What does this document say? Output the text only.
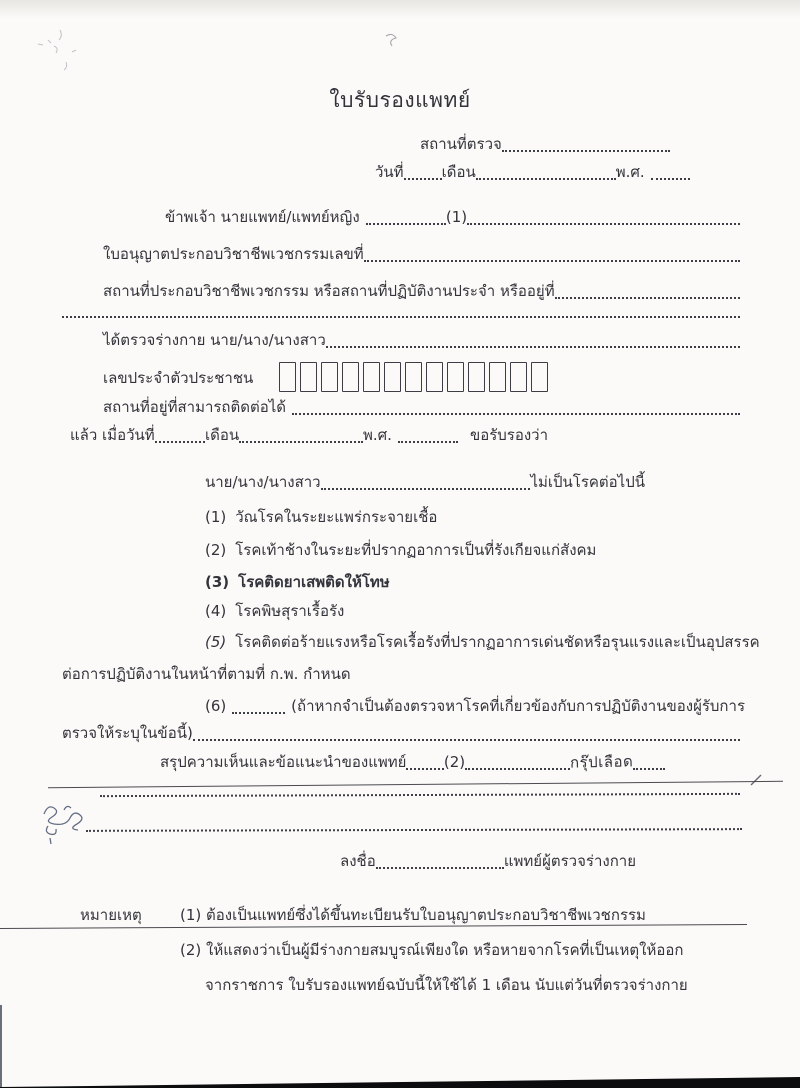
ใบรับรองแพทย์
สถานที่ตรวจ
วันที่	เดือน	พ.ศ.
ข้าพเจ้า นายแพทย์/แพทย์หญิง	(1)
ใบอนุญาตประกอบวิชาชีพเวชกรรมเลขที่
สถานที่ประกอบวิชาชีพเวชกรรม หรือสถานที่ปฏิบัติงานประจำ หรืออยู่ที่
ได้ตรวจร่างกาย นาย/นาง/นางสาว
เลขประจำตัวประชาชน
สถานที่อยู่ที่สามารถติดต่อได้
แล้ว เมื่อวันที่	เดือน	พ.ศ.	ขอรับรองว่า
นาย/นาง/นางสาว	ไม่เป็นโรคต่อไปนี้
(1) วัณโรคในระยะแพร่กระจายเชื้อ
(2) โรคเท้าช้างในระยะที่ปรากฏอาการเป็นที่รังเกียจแก่สังคม
(3) โรคติดยาเสพติดให้โทษ
(4) โรคพิษสุราเรื้อรัง
(5) โรคติดต่อร้ายแรงหรือโรคเรื้อรังที่ปรากฏอาการเด่นชัดหรือรุนแรงและเป็นอุปสรรค
ต่อการปฏิบัติงานในหน้าที่ตามที่ ก.พ. กำหนด
(6)	(ถ้าหากจำเป็นต้องตรวจหาโรคที่เกี่ยวข้องกับการปฏิบัติงานของผู้รับการ
ตรวจให้ระบุในข้อนี้)
สรุปความเห็นและข้อแนะนำของแพทย์ (2)	กรุ๊ปเลือด
ลงชื่อ	แพทย์ผู้ตรวจร่างกาย
หมายเหตุ	(1) ต้องเป็นแพทย์ซึ่งได้ขึ้นทะเบียนรับใบอนุญาตประกอบวิชาชีพเวชกรรม
(2) ให้แสดงว่าเป็นผู้มีร่างกายสมบูรณ์เพียงใด หรือหายจากโรคที่เป็นเหตุให้ออก
จากราชการ ใบรับรองแพทย์ฉบับนี้ให้ใช้ได้ 1 เดือน นับแต่วันที่ตรวจร่างกาย
